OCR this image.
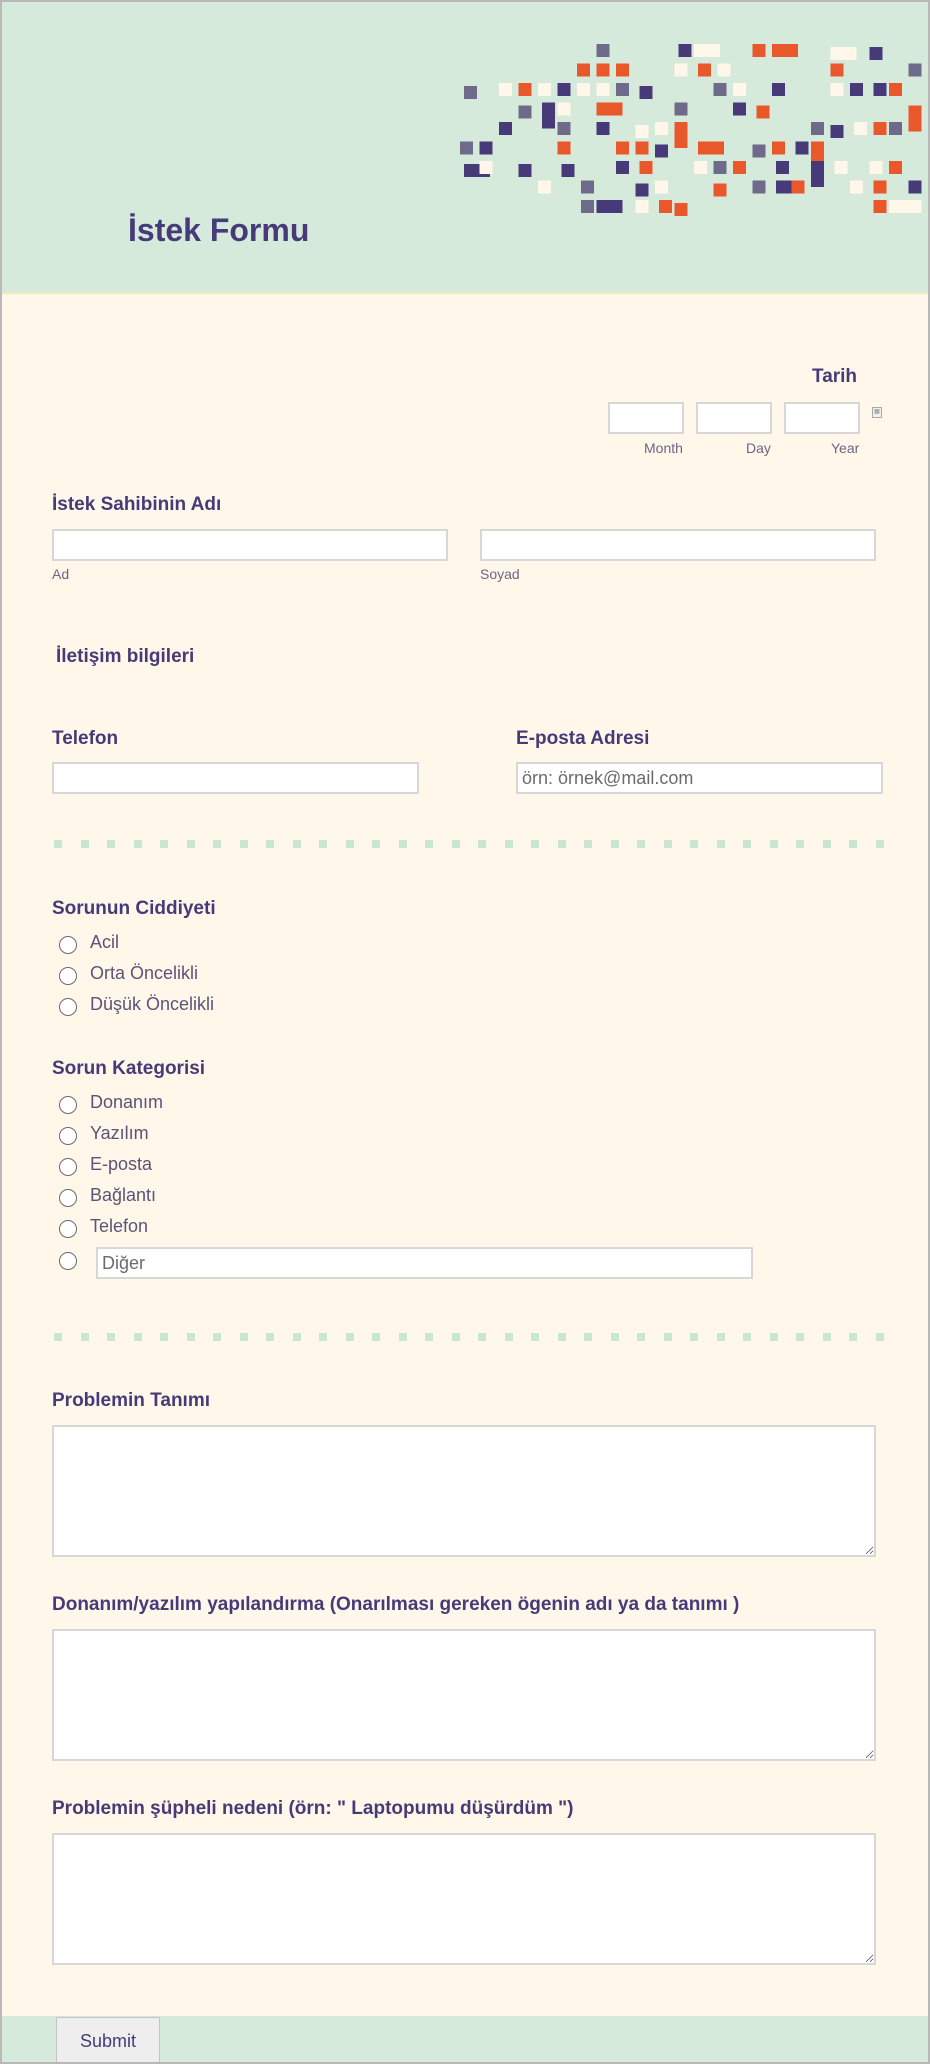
İstek Formu
Tarih
▦
Month	Day	Year
İstek Sahibinin Adı
Ad	Soyad
İletişim bilgileri
Telefon	E-posta Adresi
örn: örnek@mail.com
Sorunun Ciddiyeti
Acil
Orta Öncelikli
Düşük Öncelikli
Sorun Kategorisi
Donanım
Yazılım
E-posta
Bağlantı
Telefon
Diğer
Problemin Tanımı
Donanım/yazılım yapılandırma (Onarılması gereken ögenin adı ya da tanımı )
Problemin şüpheli nedeni (örn: " Laptopumu düşürdüm ")
Submit
